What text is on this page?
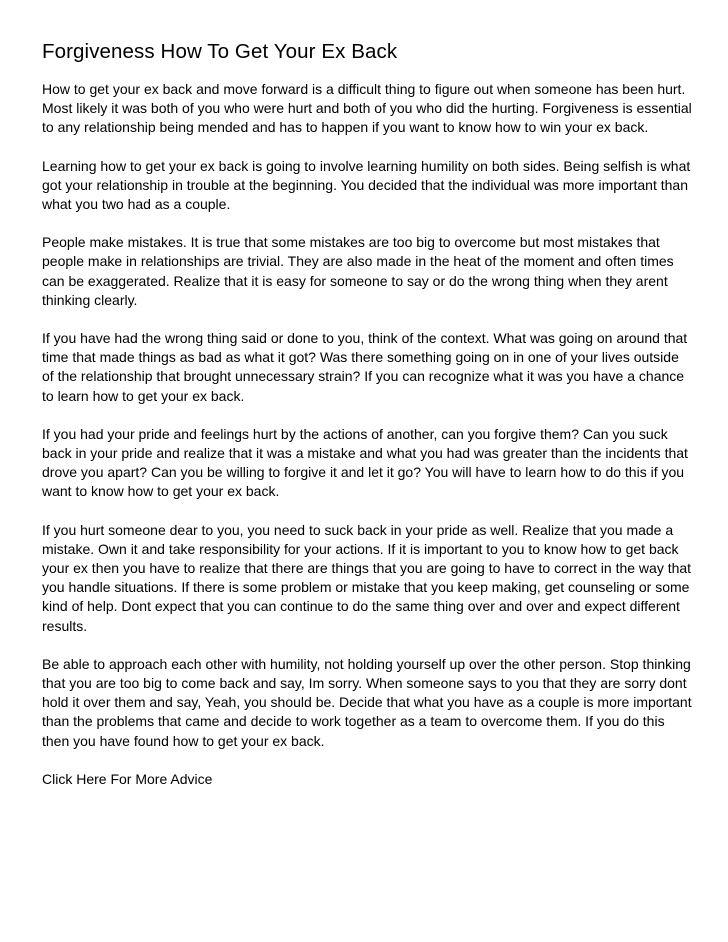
Forgiveness How To Get Your Ex Back

How to get your ex back and move forward is a difficult thing to figure out when someone has been hurt. Most likely it was both of you who were hurt and both of you who did the hurting. Forgiveness is essential to any relationship being mended and has to happen if you want to know how to win your ex back.

Learning how to get your ex back is going to involve learning humility on both sides. Being selfish is what got your relationship in trouble at the beginning. You decided that the individual was more important than what you two had as a couple.

People make mistakes. It is true that some mistakes are too big to overcome but most mistakes that people make in relationships are trivial. They are also made in the heat of the moment and often times can be exaggerated. Realize that it is easy for someone to say or do the wrong thing when they arent thinking clearly.

If you have had the wrong thing said or done to you, think of the context. What was going on around that time that made things as bad as what it got? Was there something going on in one of your lives outside of the relationship that brought unnecessary strain? If you can recognize what it was you have a chance to learn how to get your ex back.

If you had your pride and feelings hurt by the actions of another, can you forgive them? Can you suck back in your pride and realize that it was a mistake and what you had was greater than the incidents that drove you apart? Can you be willing to forgive it and let it go? You will have to learn how to do this if you want to know how to get your ex back.

If you hurt someone dear to you, you need to suck back in your pride as well. Realize that you made a mistake. Own it and take responsibility for your actions. If it is important to you to know how to get back your ex then you have to realize that there are things that you are going to have to correct in the way that you handle situations. If there is some problem or mistake that you keep making, get counseling or some kind of help. Dont expect that you can continue to do the same thing over and over and expect different results.

Be able to approach each other with humility, not holding yourself up over the other person. Stop thinking that you are too big to come back and say, Im sorry. When someone says to you that they are sorry dont hold it over them and say, Yeah, you should be. Decide that what you have as a couple is more important than the problems that came and decide to work together as a team to overcome them. If you do this then you have found how to get your ex back.

Click Here For More Advice
